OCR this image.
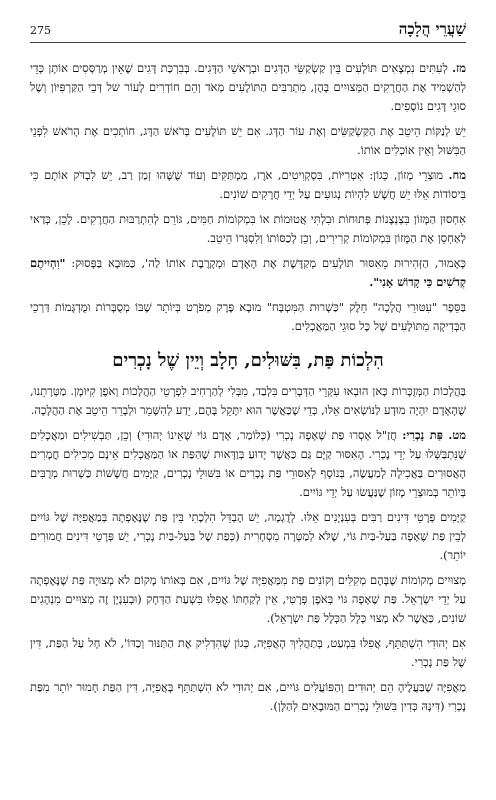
שַׁעֲרֵי הֲלָכָה
275

מז. לְעִתִּים נִמְצָאִים תּוֹלָעִים בֵּין קַשְׂקַשֵּׂי הַדָּגִים וּבְרָאשֵׁי הַדָּגִים. בְּבִרְכַּת דָּגִים שֶׁאֵין מְרַסְּסִים אוֹתָן כְּדֵי לְהַשְׁמִיד אֶת הַחֲרָקִים הַמְּצוּיִים בָּהֶן, מִתְרַבִּים הַתּוֹלָעִים מְאֹד וְהֵם חוֹדְרִים לָעוֹר של דְּבֵי הַקַּרְפִּיּוֹן וְשֶׁל סוּגֵי דָּגִים נוֹסָפִים.

יֵשׁ לְנַקּוֹת הֵיטֵב אֶת הַקַּשְׂקַשִּׂים וְאֶת עוֹר הַדָּג. אִם יֵשׁ תּוֹלָעִים בְּרֹאשׁ הַדָּג, חוֹתְכִים אֶת הָרֹאשׁ לִפְנֵי הַבִּשּׁוּל וְאֵין אוֹכְלִים אוֹתוֹ.

מח. מוּצְרֵי מָזוֹן, כְּגוֹן: אִטְרִיּוֹת, בִּסְקְוִיטִים, אֹרֶז, מַמְתַּקִּים וְעוֹד שֶׁשָּׁהוּ זְמַן רַב, יֵשׁ לִבְדֹּק אוֹתָם כִּי בִּיסוֹדוֹת אֵלּוּ יֵשׁ חֲשָׁשׁ לִהְיוֹת נְגוּעִים עַל יְדֵי חֲרָקִים שׁוֹנִים.

אִחְסוּן הַמָּזוֹן בִּצְנְצָנוֹת פְּתוּחוֹת וּבִלְתִּי אֲטוּמוֹת אוֹ בִּמְקוֹמוֹת חַמִּים, גּוֹרֵם לְהִתְרַבּוּת הַחֲרָקִים. לָכֵן, כְּדַאי לְאַחְסֵן אֶת הַמָּזוֹן בִּמְקוֹמוֹת קְרִירִים, וְכֵן לְכַסּוֹתוֹ וְלִסְגְּרוֹ הֵיטֵב.

כָּאָמוּר, הַזְּהִירוּת מֵאִסּוּר תּוֹלָעִים מְקַדֶּשֶׁת אֶת הָאָדָם וּמְקָרֶבֶת אוֹתוֹ לַה', כַּמּוּבָא בַּפָּסוּק: "וִהְיִיתֶם קְדֹשִׁים כִּי קָדוֹשׁ אָנִי".

בַּסֵּפֶר "עִטּוּרֵי הֲלָכָה" חֵלֶק "כַּשְׁרוּת הַמִּטְבָּח" מוּבָא פֶּרֶק מְפֹרָט בְּיוֹתֵר שֶׁבּוֹ מְסֻבָּרוֹת וּמֻדְגָּמוֹת דַּרְכֵי הַבְּדִיקָה מִתּוֹלָעִים שֶׁל כָּל סוּגֵי הַמַּאֲכָלִים.

הִלְכוֹת פַּת, בִּשּׁוּלִים, חָלָב וְיֵין שֶׁל נָכְרִים

בַּהֲלָכוֹת הַמְּזֻכָּרוֹת כָּאן הוּבְאוּ עִקְּרֵי הַדְּבָרִים בִּלְבַד, מִבְּלִי לְהַרְחִיב לִפְרָטֵי הַהֲלָכוֹת וְאֹפֶן קִיּוּמָן. מַטְּרָתֵנוּ, שֶׁהָאָדָם יִהְיֶה מוּדָע לַנּוֹשְׂאִים אֵלּוּ, כְּדֵי שֶׁכַּאֲשֶׁר הוּא יִתָּקֵל בָּהֶם, יֵדַע לְהִשָּׁמֵר וּלְבָרֵר הֵיטֵב אֶת הַהֲלָכָה.

מט. פַּת נָכְרִי: חֲזַ"ל אָסְרוּ פַּת שֶׁאָפָה נָכְרִי (כְּלוֹמַר, אָדָם גּוֹי שֶׁאֵינוֹ יְהוּדִי) וְכֵן, תַּבְשִׁילִים וּמַאֲכָלִים שֶׁנִּתְבַּשְּׁלוּ עַל יְדֵי נָכְרִי. הָאִסּוּר קַיָּם גַּם כַּאֲשֶׁר יָדוּעַ בְּוַדָּאוּת שֶׁהַפַּת אוֹ הַמַּאֲכָלִים אֵינָם מְכִילִים חֳמָרִים הָאֲסוּרִים בַּאֲכִילָה לְמַעֲשֶׂה, בְּנוֹסָף לְאִסּוּרֵי פַּת נָכְרִים אוֹ בִּשּׁוּלֵי נָכְרִים, קַיָּמִים חֲשָׁשׁוֹת כַּשְׁרוּת מְרֻבִּים בְּיוֹתֵר בְּמוּצְרֵי מָזוֹן שֶׁנַּעֲשׂוּ עַל יְדֵי גּוֹיִים.

קַיָּמִים פְּרָטֵי דִּינִים רַבִּים בְּעִנְיָנִים אֵלּוּ. לְדֻגְמָה, יֵשׁ הֶבְדֵּל הִלְכָתִי בֵּין פַּת שֶׁנֶּאֶפְתָה בְּמַאֲפִיָּה שֶׁל גּוֹיִים לְבֵין פַּת שֶׁאָפָה בַּעַל-בַּיִת גּוֹי, שֶׁלֹּא לְמַטְּרָה מִסְחָרִית (כְּפַת שֶׁל בַּעַל-בַּיִת נָכְרִי, יֵשׁ פְּרָטֵי דִּינִים חֲמוּרִים יוֹתֵר).

מְצוּיִים מְקוֹמוֹת שֶׁבָּהֶם מְקִלִּים וְקוֹנִים פַּת מִמַּאֲפִיָּה שֶׁל גּוֹיִים, אִם בְּאוֹתוֹ מָקוֹם לֹא מְצוּיָה פַּת שֶׁנֶּאֶפְתָה עַל יְדֵי יִשְׂרָאֵל. פַּת שֶׁאָפָה גּוֹי בְּאֹפֶן פְּרָטִי, אֵין לְקַחְתּוֹ אֲפִלּוּ בִּשְׁעַת הַדְּחָק (וּבְעִנְיָן זֶה מְצוּיִים מִנְהָגִים שׁוֹנִים, כַּאֲשֶׁר לֹא מָצוּי כְּלָל הַכְּלָל פַּת יִשְׂרָאֵל).

אִם יְהוּדִי הִשְׁתַּתֵּף, אֲפִלּוּ בִּמְעַט, בְּתַהֲלִיךְ הָאֲפִיָּה, כְּגוֹן שֶׁהִדְלִיק אֶת הַתַּנּוּר וְכַדּוֹ', לֹא חָל עַל הַפַּת, דִּין שֶׁל פַּת נָכְרִי.

מַאֲפִיָּה שֶׁבַּעֲלֶיהָ הֵם יְהוּדִים וְהַפּוֹעֲלִים גּוֹיִים, אִם יְהוּדִי לֹא הִשְׁתַּתֵּף בָּאֲפִיָּה, דִּין הַפַּת חָמוּר יוֹתֵר מִפַּת נָכְרִי (דִּינָהּ כְּדִין בִּשּׁוּלֵי נָכְרִים הַמּוּבָאִים לְהַלָּן).
